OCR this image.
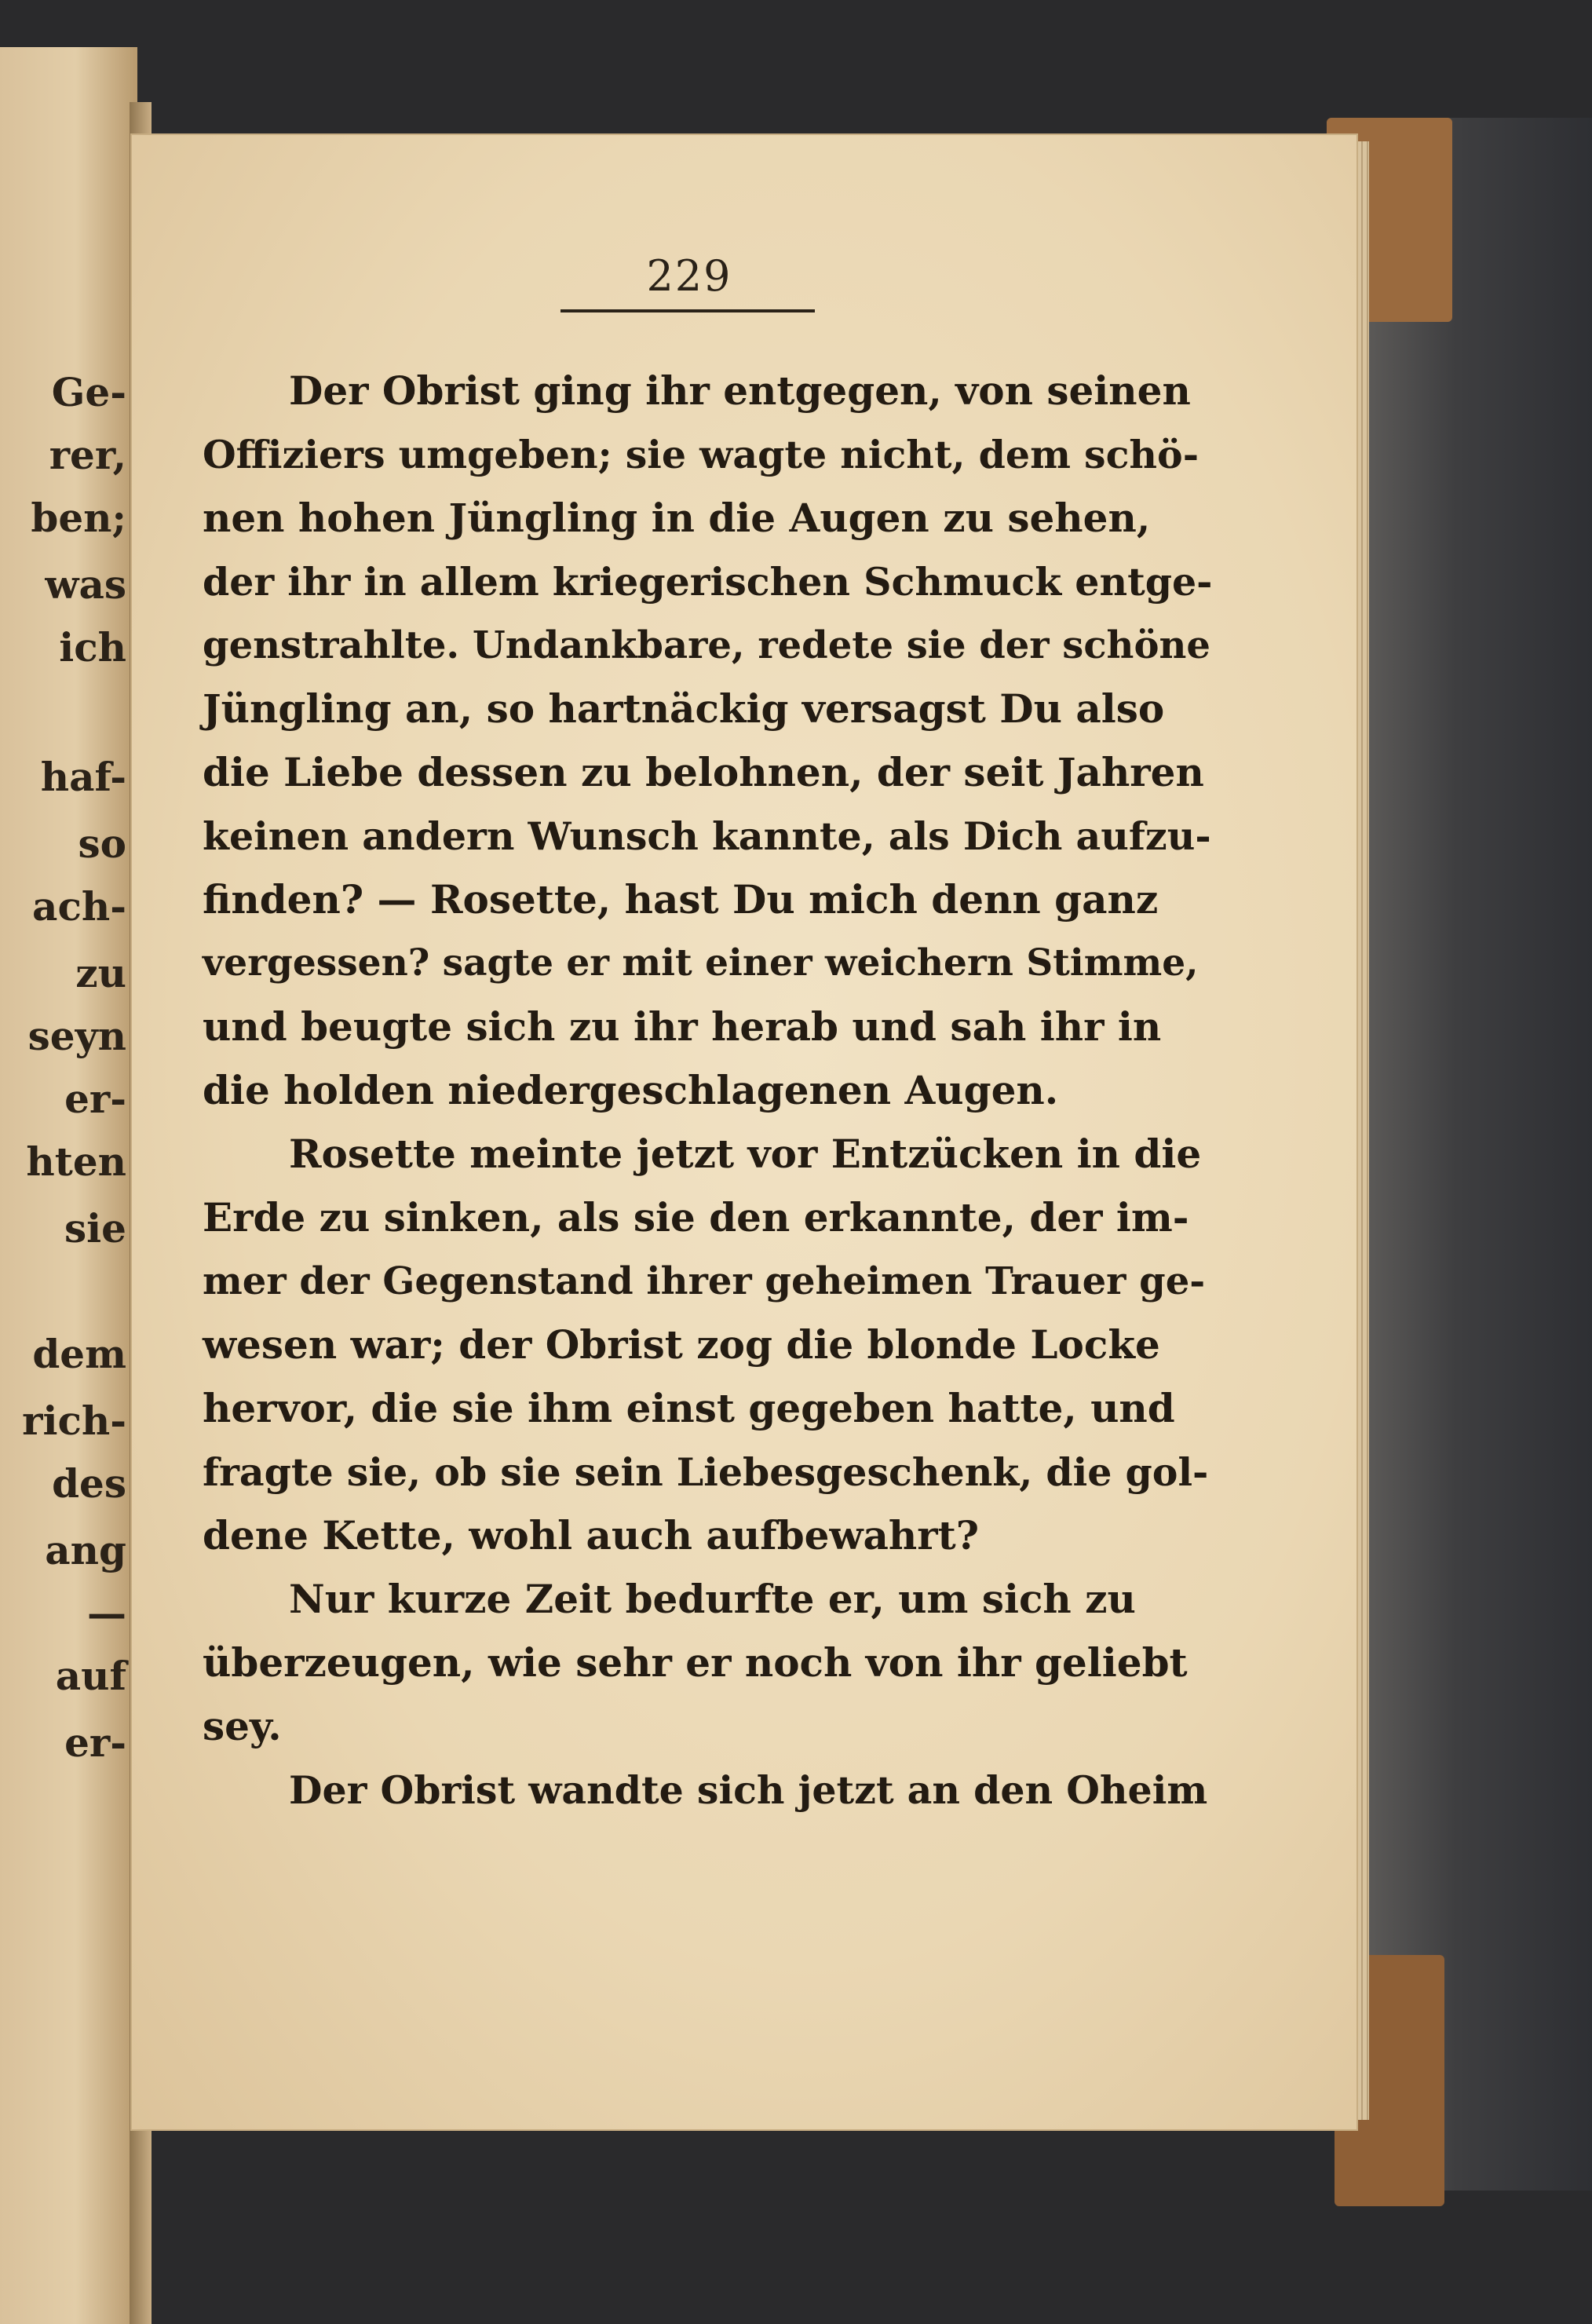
Ge-
rer,
ben;
was
ich
haf-
so
ach-
zu
seyn
er-
hten
sie
dem
rich-
des
ang
—
auf
er-
229
Der Obrist ging ihr entgegen, von seinen
Offiziers umgeben; sie wagte nicht, dem schö-
nen hohen Jüngling in die Augen zu sehen,
der ihr in allem kriegerischen Schmuck entge-
genstrahlte. Undankbare, redete sie der schöne
Jüngling an, so hartnäckig versagst Du also
die Liebe dessen zu belohnen, der seit Jahren
keinen andern Wunsch kannte, als Dich aufzu-
finden? — Rosette, hast Du mich denn ganz
vergessen? sagte er mit einer weichern Stimme,
und beugte sich zu ihr herab und sah ihr in
die holden niedergeschlagenen Augen.
Rosette meinte jetzt vor Entzücken in die
Erde zu sinken, als sie den erkannte, der im-
mer der Gegenstand ihrer geheimen Trauer ge-
wesen war; der Obrist zog die blonde Locke
hervor, die sie ihm einst gegeben hatte, und
fragte sie, ob sie sein Liebesgeschenk, die gol-
dene Kette, wohl auch aufbewahrt?
Nur kurze Zeit bedurfte er, um sich zu
überzeugen, wie sehr er noch von ihr geliebt
sey.
Der Obrist wandte sich jetzt an den Oheim
